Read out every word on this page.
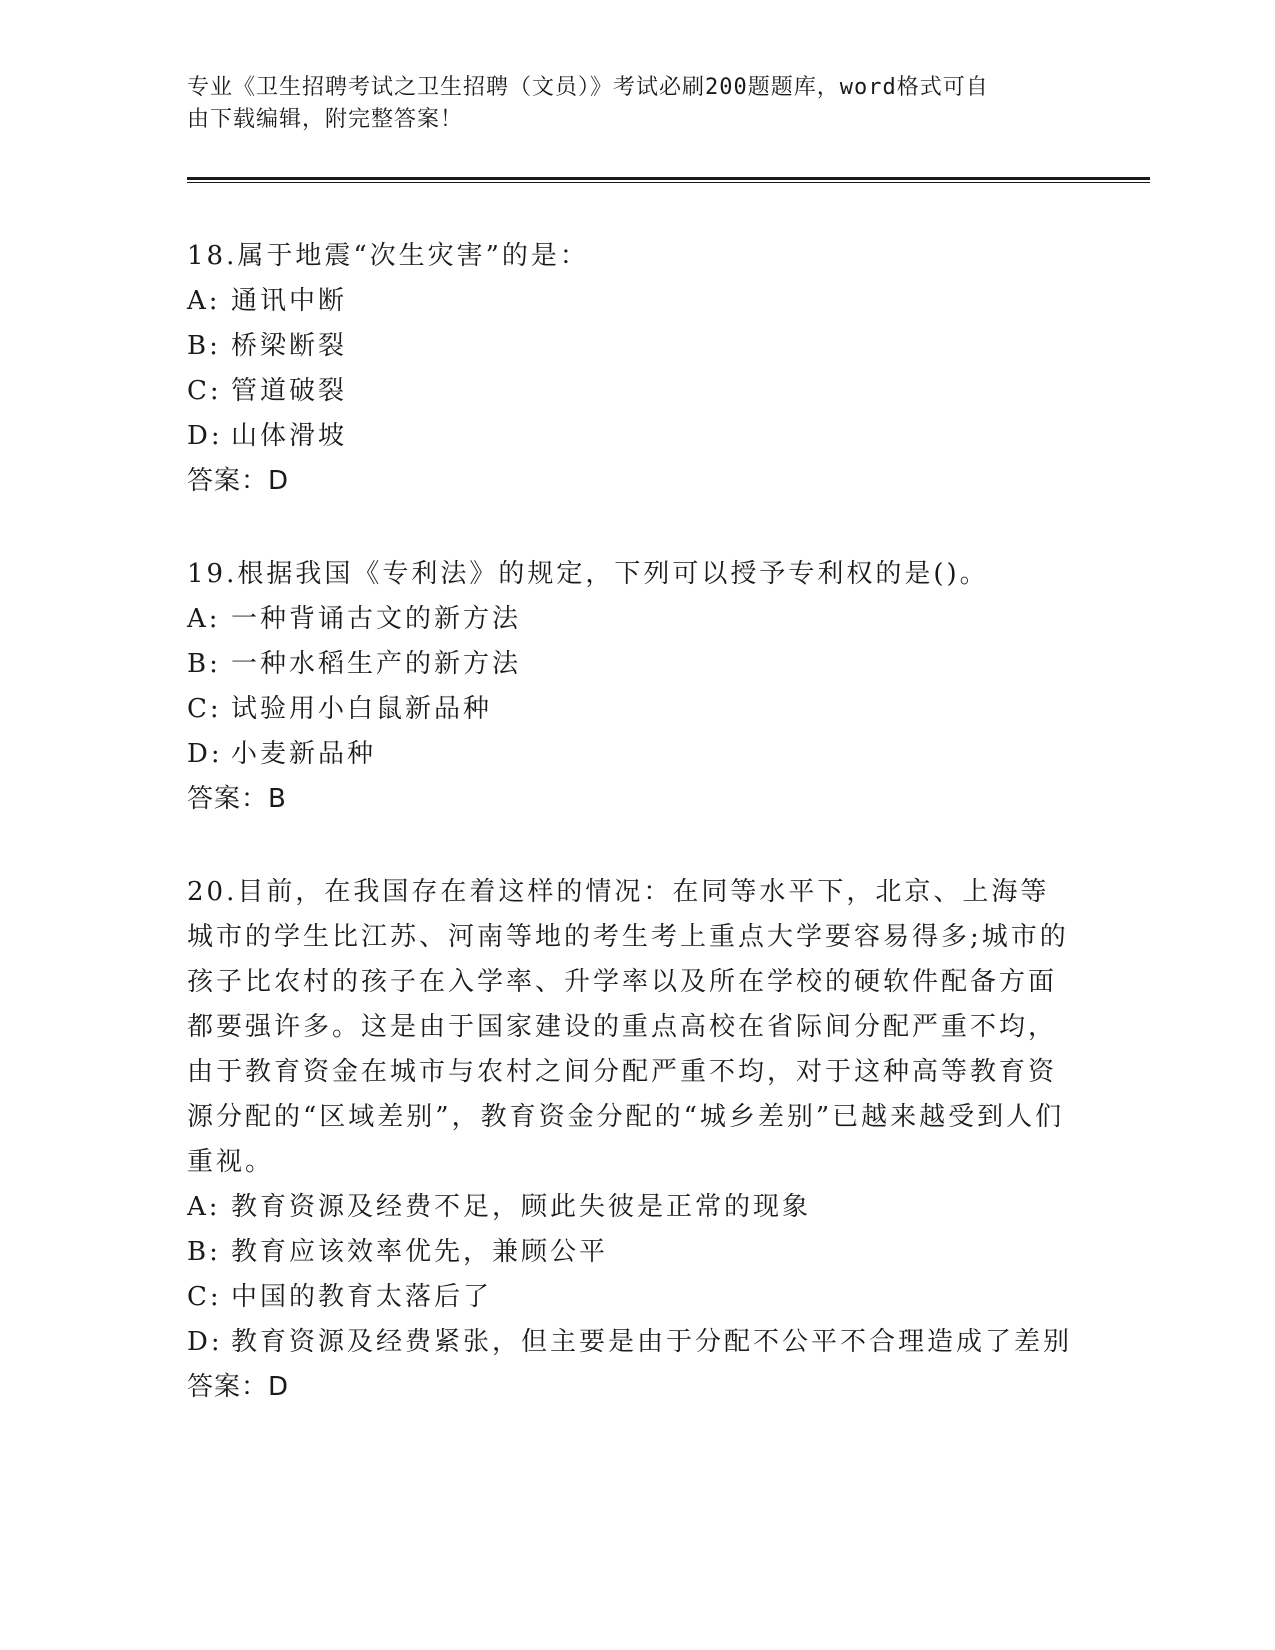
专业《卫生招聘考试之卫生招聘（文员）》考试必刷200题题库，word格式可自
由下载编辑，附完整答案！

18.属于地震“次生灾害”的是：

A: 通讯中断

B: 桥梁断裂

C: 管道破裂

D: 山体滑坡

答案：D

19.根据我国《专利法》的规定，下列可以授予专利权的是()。

A: 一种背诵古文的新方法

B: 一种水稻生产的新方法

C: 试验用小白鼠新品种

D: 小麦新品种

答案：B

20.目前，在我国存在着这样的情况：在同等水平下，北京、上海等城市的学生比江苏、河南等地的考生考上重点大学要容易得多;城市的孩子比农村的孩子在入学率、升学率以及所在学校的硬软件配备方面都要强许多。这是由于国家建设的重点高校在省际间分配严重不均，由于教育资金在城市与农村之间分配严重不均，对于这种高等教育资源分配的“区域差别”，教育资金分配的“城乡差别”已越来越受到人们重视。

A: 教育资源及经费不足，顾此失彼是正常的现象

B: 教育应该效率优先，兼顾公平

C: 中国的教育太落后了

D: 教育资源及经费紧张，但主要是由于分配不公平不合理造成了差别

答案：D
